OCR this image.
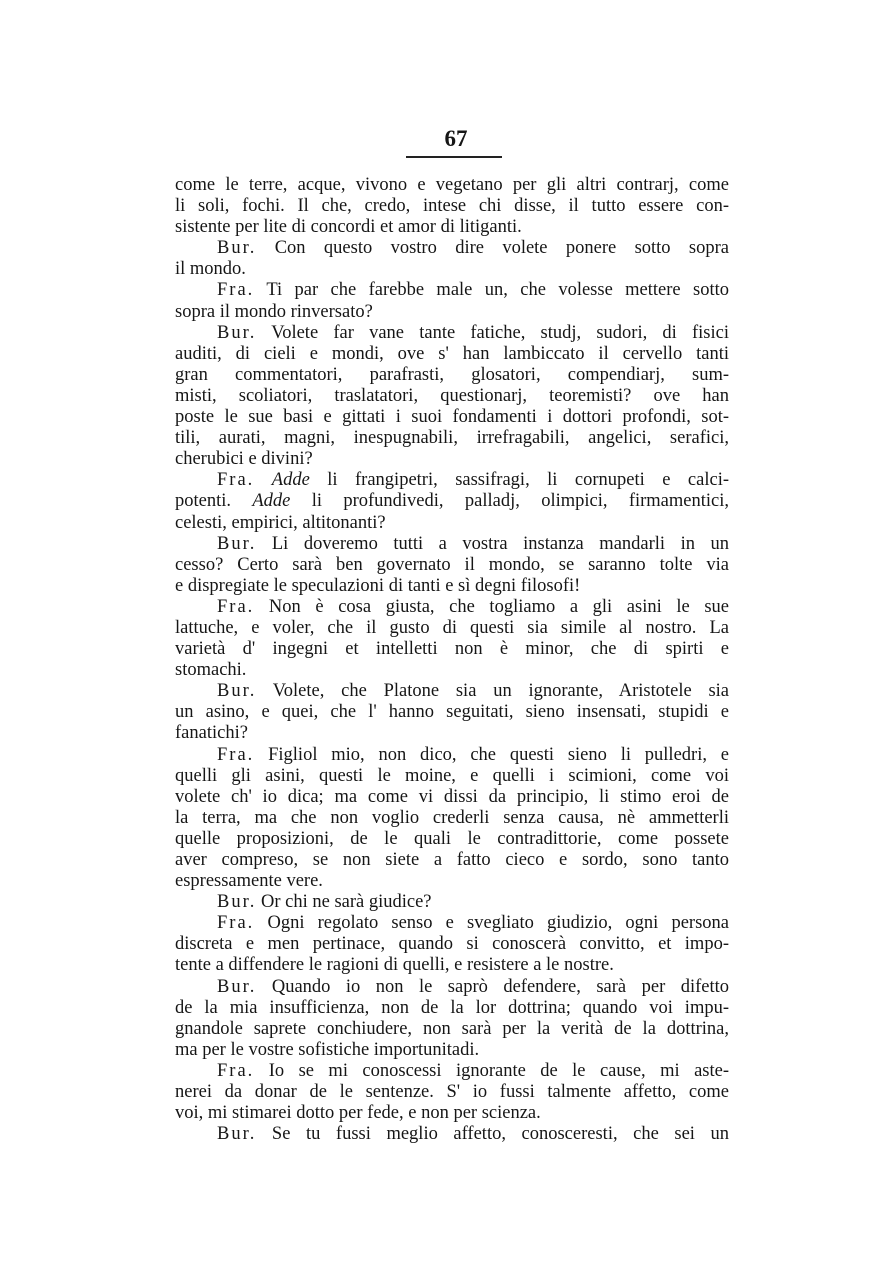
67

come le terre, acque, vivono e vegetano per gli altri contrarj, come

li soli, fochi. Il che, credo, intese chi disse, il tutto essere con-

sistente per lite di concordi et amor di litiganti.

Bur. Con questo vostro dire volete ponere sotto sopra

il mondo.

Fra. Ti par che farebbe male un, che volesse mettere sotto

sopra il mondo rinversato?

Bur. Volete far vane tante fatiche, studj, sudori, di fisici

auditi, di cieli e mondi, ove s' han lambiccato il cervello tanti

gran commentatori, parafrasti, glosatori, compendiarj, sum-

misti, scoliatori, traslatatori, questionarj, teoremisti? ove han

poste le sue basi e gittati i suoi fondamenti i dottori profondi, sot-

tili, aurati, magni, inespugnabili, irrefragabili, angelici, serafici,

cherubici e divini?

Fra. Adde li frangipetri, sassifragi, li cornupeti e calci-

potenti. Adde li profundivedi, palladj, olimpici, firmamentici,

celesti, empirici, altitonanti?

Bur. Li doveremo tutti a vostra instanza mandarli in un

cesso? Certo sarà ben governato il mondo, se saranno tolte via

e dispregiate le speculazioni di tanti e sì degni filosofi!

Fra. Non è cosa giusta, che togliamo a gli asini le sue

lattuche, e voler, che il gusto di questi sia simile al nostro. La

varietà d' ingegni et intelletti non è minor, che di spirti e

stomachi.

Bur. Volete, che Platone sia un ignorante, Aristotele sia

un asino, e quei, che l' hanno seguitati, sieno insensati, stupidi e

fanatichi?

Fra. Figliol mio, non dico, che questi sieno li pulledri, e

quelli gli asini, questi le moine, e quelli i scimioni, come voi

volete ch' io dica; ma come vi dissi da principio, li stimo eroi de

la terra, ma che non voglio crederli senza causa, nè ammetterli

quelle proposizioni, de le quali le contradittorie, come possete

aver compreso, se non siete a fatto cieco e sordo, sono tanto

espressamente vere.

Bur. Or chi ne sarà giudice?

Fra. Ogni regolato senso e svegliato giudizio, ogni persona

discreta e men pertinace, quando si conoscerà convitto, et impo-

tente a diffendere le ragioni di quelli, e resistere a le nostre.

Bur. Quando io non le saprò defendere, sarà per difetto

de la mia insufficienza, non de la lor dottrina; quando voi impu-

gnandole saprete conchiudere, non sarà per la verità de la dottrina,

ma per le vostre sofistiche importunitadi.

Fra. Io se mi conoscessi ignorante de le cause, mi aste-

nerei da donar de le sentenze. S' io fussi talmente affetto, come

voi, mi stimarei dotto per fede, e non per scienza.

Bur. Se tu fussi meglio affetto, conosceresti, che sei un
